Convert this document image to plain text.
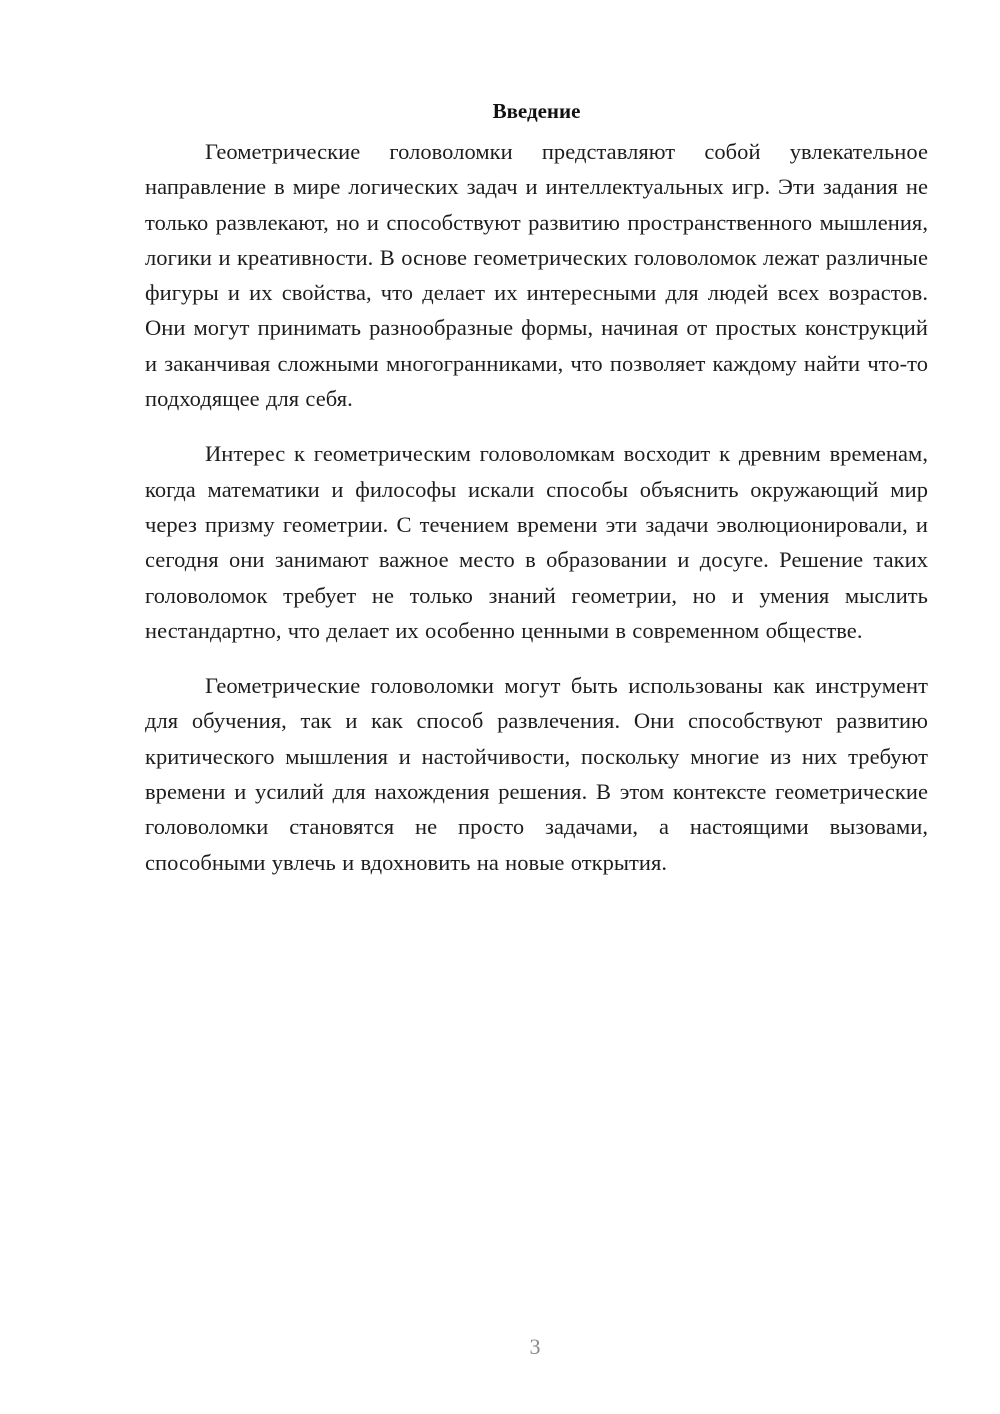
Введение

Геометрические головоломки представляют собой увлекательное направление в мире логических задач и интеллектуальных игр. Эти задания не только развлекают, но и способствуют развитию пространственного мышления, логики и креативности. В основе геометрических головоломок лежат различные фигуры и их свойства, что делает их интересными для людей всех возрастов. Они могут принимать разнообразные формы, начиная от простых конструкций и заканчивая сложными многогранниками, что позволяет каждому найти что-то подходящее для себя.

Интерес к геометрическим головоломкам восходит к древним временам, когда математики и философы искали способы объяснить окружающий мир через призму геометрии. С течением времени эти задачи эволюционировали, и сегодня они занимают важное место в образовании и досуге. Решение таких головоломок требует не только знаний геометрии, но и умения мыслить нестандартно, что делает их особенно ценными в современном обществе.

Геометрические головоломки могут быть использованы как инструмент для обучения, так и как способ развлечения. Они способствуют развитию критического мышления и настойчивости, поскольку многие из них требуют времени и усилий для нахождения решения. В этом контексте геометрические головоломки становятся не просто задачами, а настоящими вызовами, способными увлечь и вдохновить на новые открытия.

3
